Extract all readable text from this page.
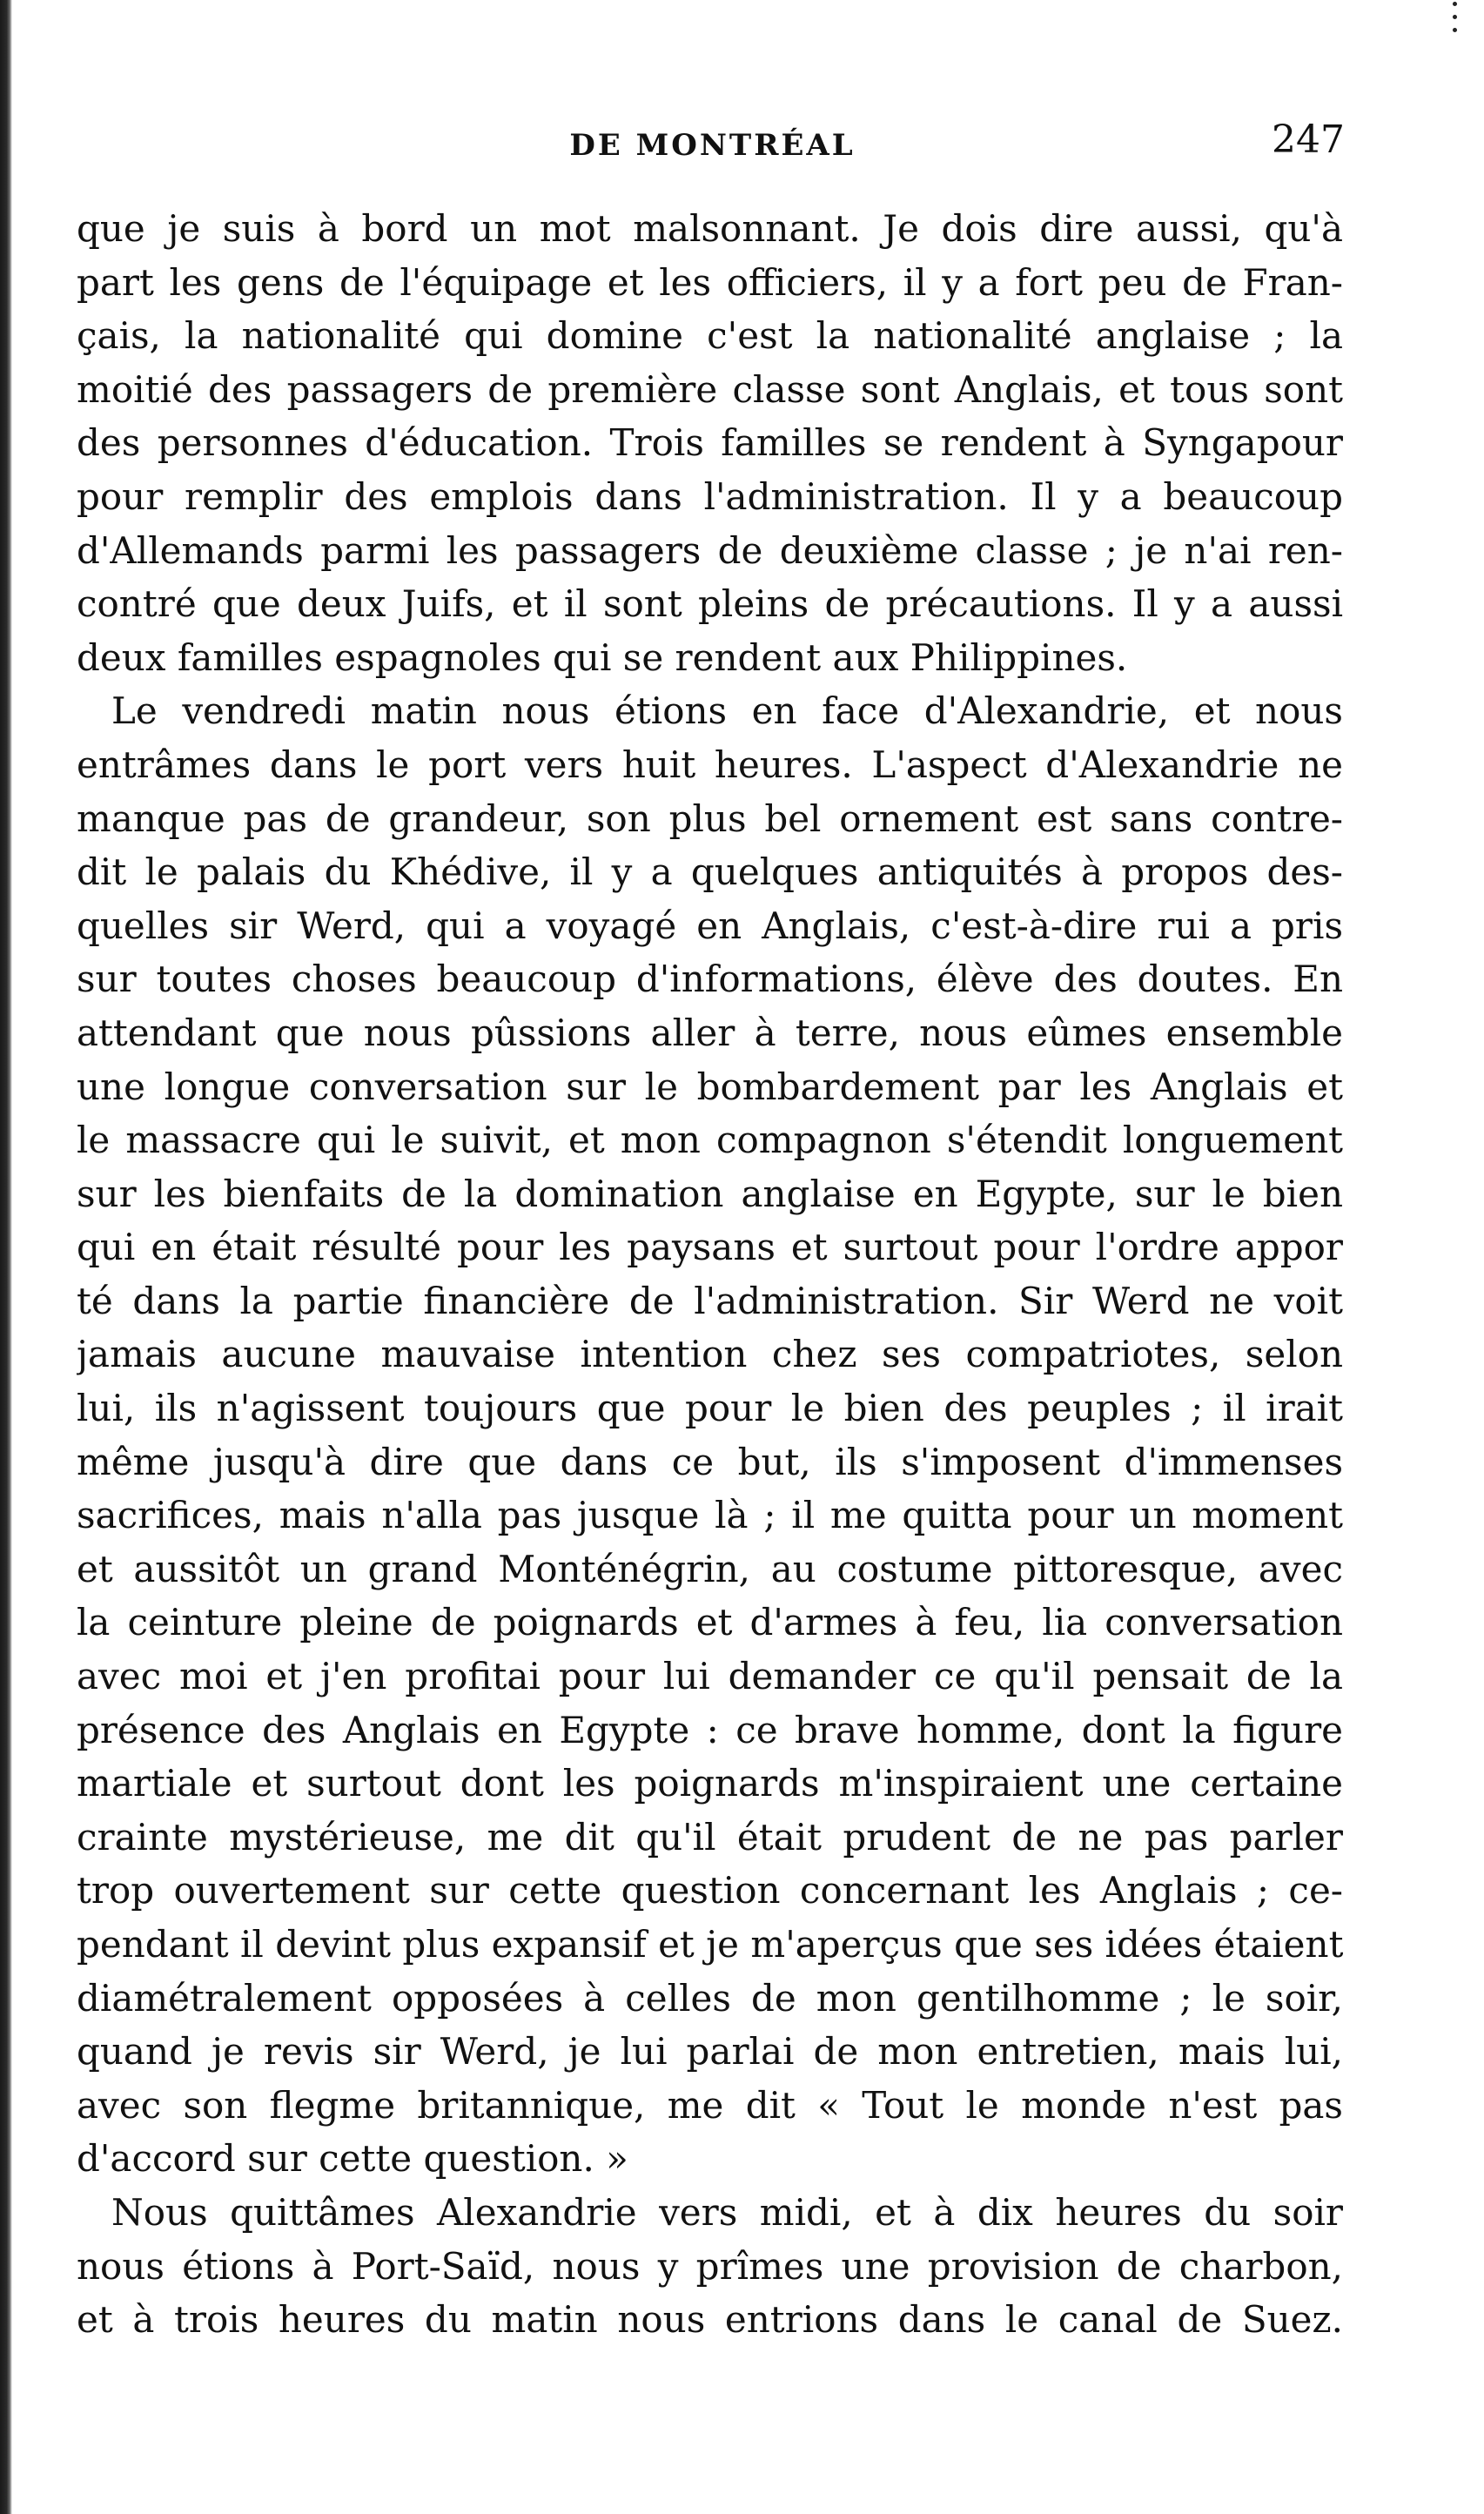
DE MONTRÉAL	247
que je suis à bord un mot malsonnant. Je dois dire aussi, qu'à
part les gens de l'équipage et les officiers, il y a fort peu de Fran-
çais, la nationalité qui domine c'est la nationalité anglaise ; la
moitié des passagers de première classe sont Anglais, et tous sont
des personnes d'éducation. Trois familles se rendent à Syngapour
pour remplir des emplois dans l'administration. Il y a beaucoup
d'Allemands parmi les passagers de deuxième classe ; je n'ai ren-
contré que deux Juifs, et il sont pleins de précautions. Il y a aussi
deux familles espagnoles qui se rendent aux Philippines.
Le vendredi matin nous étions en face d'Alexandrie, et nous
entrâmes dans le port vers huit heures. L'aspect d'Alexandrie ne
manque pas de grandeur, son plus bel ornement est sans contre-
dit le palais du Khédive, il y a quelques antiquités à propos des-
quelles sir Werd, qui a voyagé en Anglais, c'est-à-dire rui a pris
sur toutes choses beaucoup d'informations, élève des doutes. En
attendant que nous pûssions aller à terre, nous eûmes ensemble
une longue conversation sur le bombardement par les Anglais et
le massacre qui le suivit, et mon compagnon s'étendit longuement
sur les bienfaits de la domination anglaise en Egypte, sur le bien
qui en était résulté pour les paysans et surtout pour l'ordre appor
té dans la partie financière de l'administration. Sir Werd ne voit
jamais aucune mauvaise intention chez ses compatriotes, selon
lui, ils n'agissent toujours que pour le bien des peuples ; il irait
même jusqu'à dire que dans ce but, ils s'imposent d'immenses
sacrifices, mais n'alla pas jusque là ; il me quitta pour un moment
et aussitôt un grand Monténégrin, au costume pittoresque, avec
la ceinture pleine de poignards et d'armes à feu, lia conversation
avec moi et j'en profitai pour lui demander ce qu'il pensait de la
présence des Anglais en Egypte : ce brave homme, dont la figure
martiale et surtout dont les poignards m'inspiraient une certaine
crainte mystérieuse, me dit qu'il était prudent de ne pas parler
trop ouvertement sur cette question concernant les Anglais ; ce-
pendant il devint plus expansif et je m'aperçus que ses idées étaient
diamétralement opposées à celles de mon gentilhomme ; le soir,
quand je revis sir Werd, je lui parlai de mon entretien, mais lui,
avec son flegme britannique, me dit « Tout le monde n'est pas
d'accord sur cette question. »
Nous quittâmes Alexandrie vers midi, et à dix heures du soir
nous étions à Port-Saïd, nous y prîmes une provision de charbon,
et à trois heures du matin nous entrions dans le canal de Suez.
